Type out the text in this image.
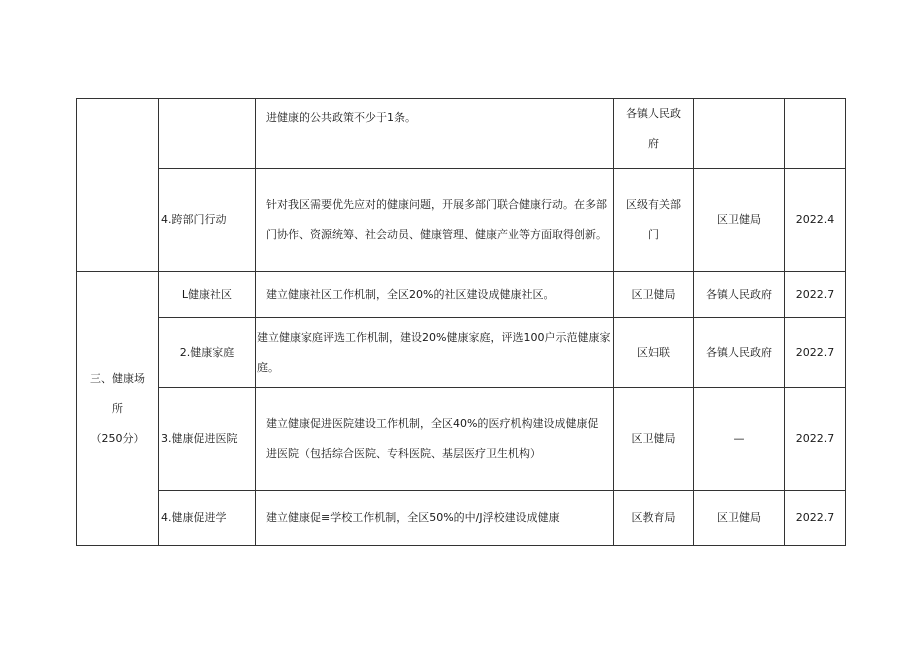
		进健康的公共政策不少于1条。	各镇人民政府		
	4.跨部门行动	针对我区需要优先应对的健康问题，开展多部门联合健康行动。在多部门协作、资源统筹、社会动员、健康管理、健康产业等方面取得创新。	区级有关部门	区卫健局	2022.4

三、健康场
所
（250分）	L健康社区	建立健康社区工作机制，全区20%的社区建设成健康社区。	区卫健局	各镇人民政府	2022.7
	2.健康家庭	建立健康家庭评选工作机制，建设20%健康家庭，评选100户示范健康家庭。	区妇联	各镇人民政府	2022.7
	3.健康促进医院	建立健康促进医院建设工作机制，全区40%的医疗机构建设成健康促进医院（包括综合医院、专科医院、基层医疗卫生机构）	区卫健局	—	2022.7
	4.健康促进学	建立健康促≡学校工作机制，全区50%的中/J浮校建设成健康	区教育局	区卫健局	2022.7
